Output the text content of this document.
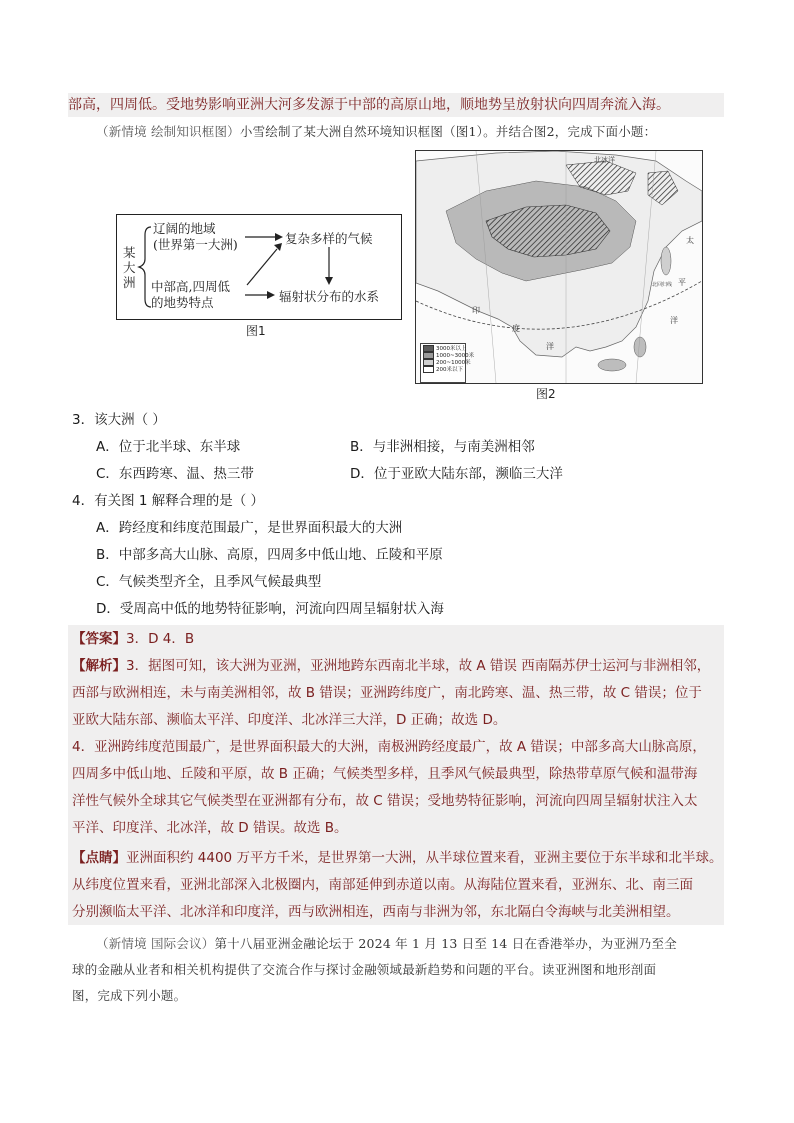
部高，四周低。受地势影响亚洲大河多发源于中部的高原山地，顺地势呈放射状向四周奔流入海。
（新情境 绘制知识框图）小雪绘制了某大洲自然环境知识框图（图1）。并结合图2，完成下面小题：
某
大
洲
辽阔的地域
(世界第一大洲)
中部高,四周低
的地势特点
复杂多样的气候
辐射状分布的水系
图1
北冰洋
太
平
洋
印
度
洋
北回归线
3000米以上
1000~3000米
200~1000米
200米以下
图2
3．该大洲（ ）
A．位于北半球、东半球	B．与非洲相接，与南美洲相邻
C．东西跨寒、温、热三带	D．位于亚欧大陆东部，濒临三大洋
4．有关图 1 解释合理的是（ ）
A．跨经度和纬度范围最广，是世界面积最大的大洲
B．中部多高大山脉、高原，四周多中低山地、丘陵和平原
C．气候类型齐全，且季风气候最典型
D．受周高中低的地势特征影响，河流向四周呈辐射状入海
【答案】3．D 4．B
【解析】3．据图可知，该大洲为亚洲，亚洲地跨东西南北半球，故 A 错误 西南隔苏伊士运河与非洲相邻，
西部与欧洲相连，未与南美洲相邻，故 B 错误；亚洲跨纬度广，南北跨寒、温、热三带，故 C 错误；位于
亚欧大陆东部、濒临太平洋、印度洋、北冰洋三大洋，D 正确；故选 D。
4．亚洲跨纬度范围最广，是世界面积最大的大洲，南极洲跨经度最广，故 A 错误；中部多高大山脉高原，
四周多中低山地、丘陵和平原，故 B 正确；气候类型多样，且季风气候最典型，除热带草原气候和温带海
洋性气候外全球其它气候类型在亚洲都有分布，故 C 错误；受地势特征影响，河流向四周呈辐射状注入太
平洋、印度洋、北冰洋，故 D 错误。故选 B。
【点睛】亚洲面积约 4400 万平方千米，是世界第一大洲，从半球位置来看，亚洲主要位于东半球和北半球。
从纬度位置来看，亚洲北部深入北极圈内，南部延伸到赤道以南。从海陆位置来看，亚洲东、北、南三面
分别濒临太平洋、北冰洋和印度洋，西与欧洲相连，西南与非洲为邻，东北隔白令海峡与北美洲相望。
（新情境 国际会议）第十八届亚洲金融论坛于 2024 年 1 月 13 日至 14 日在香港举办，为亚洲乃至全
球的金融从业者和相关机构提供了交流合作与探讨金融领域最新趋势和问题的平台。读亚洲图和地形剖面
图，完成下列小题。
